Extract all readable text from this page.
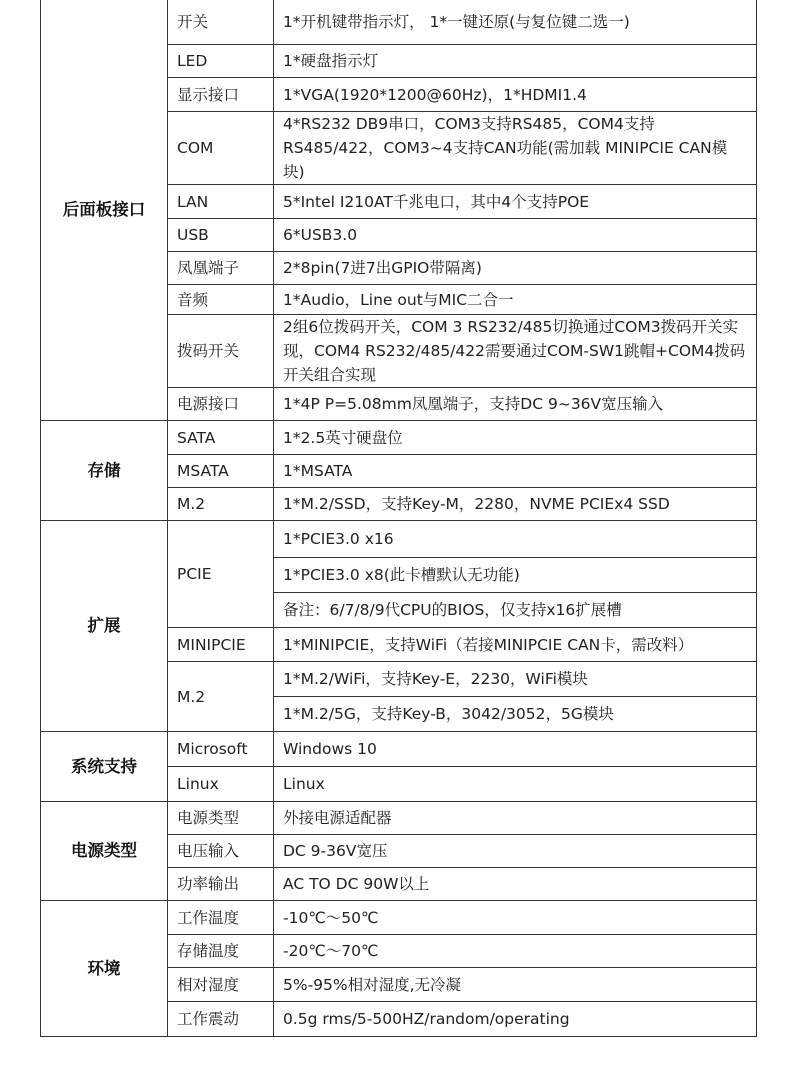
后面板接口	开关	1*开机键带指示灯， 1*一键还原(与复位键二选一)
	LED	1*硬盘指示灯
	显示接口	1*VGA(1920*1200@60Hz)，1*HDMI1.4
	COM	4*RS232 DB9串口，COM3支持RS485，COM4支持RS485/422，COM3~4支持CAN功能(需加载 MINIPCIE CAN模块)
	LAN	5*Intel I210AT千兆电口，其中4个支持POE
	USB	6*USB3.0
	凤凰端子	2*8pin(7进7出GPIO带隔离)
	音频	1*Audio，Line out与MIC二合一
	拨码开关	2组6位拨码开关，COM 3 RS232/485切换通过COM3拨码开关实现，COM4 RS232/485/422需要通过COM-SW1跳帽+COM4拨码开关组合实现
	电源接口	1*4P P=5.08mm凤凰端子，支持DC 9~36V宽压输入
存储	SATA	1*2.5英寸硬盘位
	MSATA	1*MSATA
	M.2	1*M.2/SSD，支持Key-M，2280，NVME PCIEx4 SSD
扩展	PCIE	1*PCIE3.0 x16
		1*PCIE3.0 x8(此卡槽默认无功能)
		备注：6/7/8/9代CPU的BIOS，仅支持x16扩展槽
	MINIPCIE	1*MINIPCIE，支持WiFi（若接MINIPCIE CAN卡，需改料）
	M.2	1*M.2/WiFi，支持Key-E，2230，WiFi模块
		1*M.2/5G，支持Key-B，3042/3052，5G模块
系统支持	Microsoft	Windows 10
	Linux	Linux
电源类型	电源类型	外接电源适配器
	电压输入	DC 9-36V宽压
	功率输出	AC TO DC 90W以上
环境	工作温度	-10℃～50℃
	存储温度	-20℃～70℃
	相对湿度	5%-95%相对湿度,无冷凝
	工作震动	0.5g rms/5-500HZ/random/operating
